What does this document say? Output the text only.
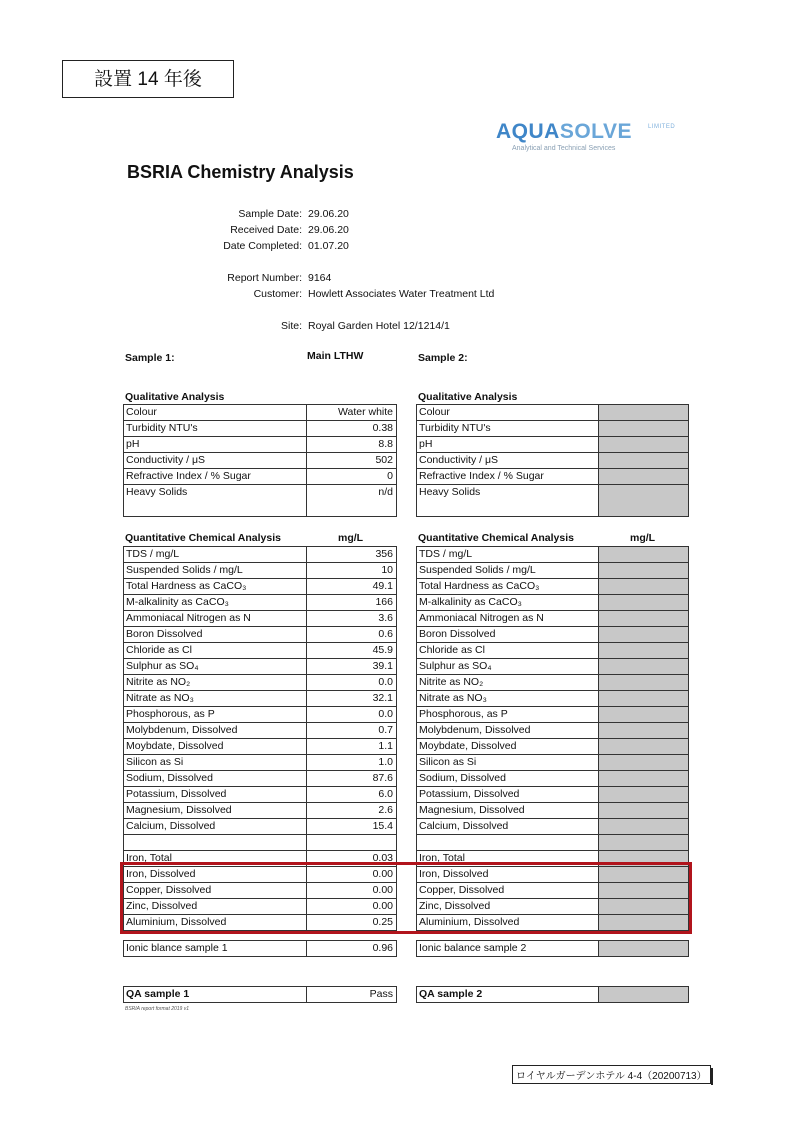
設置 14 年後
AQUASOLVE	LIMITED
Analytical and Technical Services
BSRIA Chemistry Analysis
Sample Date: 29.06.20
Received Date: 29.06.20
Date Completed: 01.07.20
Report Number: 9164
Customer: Howlett Associates Water Treatment Ltd
Site: Royal Garden Hotel 12/1214/1
Sample 1:	Main LTHW	Sample 2:
Qualitative Analysis	Qualitative Analysis
Colour	Water white
Turbidity NTU's	0.38
pH	8.8
Conductivity / μS	502
Refractive Index / % Sugar	0
Heavy Solids	n/d
Colour	
Turbidity NTU's	
pH	
Conductivity / μS	
Refractive Index / % Sugar	
Heavy Solids	
Quantitative Chemical Analysis	mg/L	Quantitative Chemical Analysis	mg/L
TDS / mg/L	356
Suspended Solids / mg/L	10
Total Hardness as CaCO₃	49.1
M-alkalinity as CaCO₃	166
Ammoniacal Nitrogen as N	3.6
Boron Dissolved	0.6
Chloride as Cl	45.9
Sulphur as SO₄	39.1
Nitrite as NO₂	0.0
Nitrate as NO₃	32.1
Phosphorous, as P	0.0
Molybdenum, Dissolved	0.7
Moybdate, Dissolved	1.1
Silicon as Si	1.0
Sodium, Dissolved	87.6
Potassium, Dissolved	6.0
Magnesium, Dissolved	2.6
Calcium, Dissolved	15.4

Iron, Total	0.03
Iron, Dissolved	0.00
Copper, Dissolved	0.00
Zinc, Dissolved	0.00
Aluminium, Dissolved	0.25
TDS / mg/L	
Suspended Solids / mg/L	
Total Hardness as CaCO₃	
M-alkalinity as CaCO₃	
Ammoniacal Nitrogen as N	
Boron Dissolved	
Chloride as Cl	
Sulphur as SO₄	
Nitrite as NO₂	
Nitrate as NO₃	
Phosphorous, as P	
Molybdenum, Dissolved	
Moybdate, Dissolved	
Silicon as Si	
Sodium, Dissolved	
Potassium, Dissolved	
Magnesium, Dissolved	
Calcium, Dissolved	

Iron, Total	
Iron, Dissolved	
Copper, Dissolved	
Zinc, Dissolved	
Aluminium, Dissolved	
Ionic blance sample 1	0.96 Ionic balance sample 2	
QA sample 1	Pass QA sample 2	
BSRIA report format 2019 v1
ロイヤルガーデンホテル 4-4（20200713）
